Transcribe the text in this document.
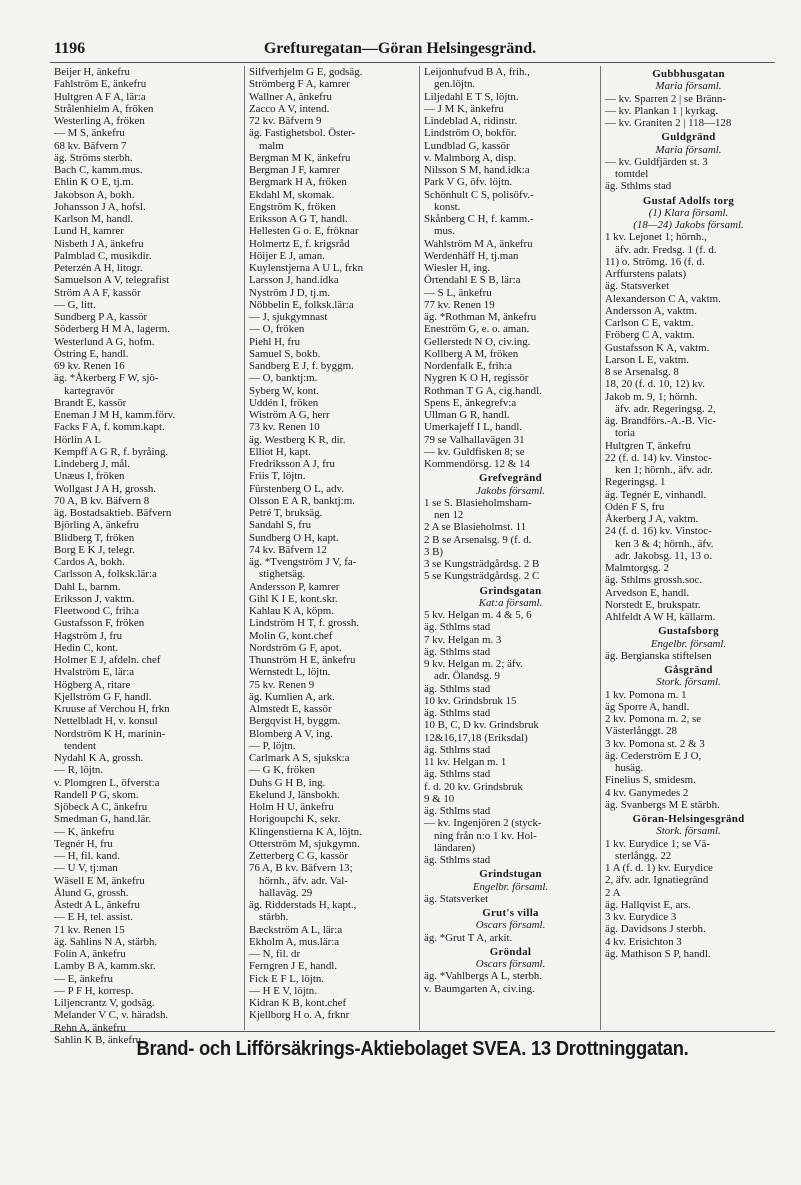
1196	Grefturegatan—Göran Helsingesgränd.
Beijer H, änkefru
Fahlström E, änkefru
Hultgren A F A, lär:a
Strålenhielm A, fröken
Westerling A, fröken
— M S, änkefru
68 kv. Bäfvern 7
äg. Ströms sterbh.
Bach C, kamm.mus.
Ehlin K O E, tj.m.
Jakobson A, bokh.
Johansson J A, hofsl.
Karlson M, handl.
Lund H, kamrer
Nisbeth J A, änkefru
Palmblad C, musikdir.
Peterzén A H, litogr.
Samuelson A V, telegrafist
Ström A A F, kassör
— G, litt.
Sundberg P A, kassör
Söderberg H M A, lagerm.
Westerlund A G, hofm.
Östring E, handl.
69 kv. Renen 16
äg. *Åkerberg F W, sjö-
kartegravör
Brandt E, kassör
Eneman J M H, kamm.förv.
Facks F A, f. komm.kapt.
Hörlin A L
Kempff A G R, f. byråing.
Lindeberg J, mål.
Unæus I, fröken
Wollgast J A H, grossh.
70 A, B kv. Bäfvern 8
äg. Bostadsaktieb. Bäfvern
Björling A, änkefru
Blidberg T, fröken
Borg E K J, telegr.
Cardos A, bokh.
Carlsson A, folksk.lär:a
Dahl L, barnm.
Eriksson J, vaktm.
Fleetwood C, frih:a
Gustafsson F, fröken
Hagström J, fru
Hedin C, kont.
Holmer E J, afdeln. chef
Hvalström E, lär:a
Högberg A, ritare
Kjellström G F, handl.
Kruuse af Verchou H, frkn
Nettelbladt H, v. konsul
Nordström K H, marinin-
tendent
Nydahl K A, grossh.
— R, löjtn.
v. Plomgren L, öfverst:a
Randell P G, skom.
Sjöbeck A C, änkefru
Smedman G, hand.lär.
— K, änkefru
Tegnér H, fru
— H, fil. kand.
— U V, tj:man
Wäsell E M, änkefru
Ålund G, grossh.
Åstedt A L, änkefru
— E H, tel. assist.
71 kv. Renen 15
äg. Sahlins N A, stärbh.
Folin A, änkefru
Lamby B A, kamm.skr.
— E, änkefru
— P F H, korresp.
Liljencrantz V, godsäg.
Melander V C, v. häradsh.
Rehn A, änkefru
Sahlin K B, änkefru
Silfverhjelm G E, godsäg.
Strömberg F A, kamrer
Wallner A, änkefru
Zacco A V, intend.
72 kv. Bäfvern 9
äg. Fastighetsbol. Öster-
malm
Bergman M K, änkefru
Bergman J F, kamrer
Bergmark H A, fröken
Ekdahl M, skomak.
Engström K, fröken
Eriksson A G T, handl.
Hellesten G o. E, fröknar
Holmertz E, f. krigsråd
Höijer E J, aman.
Kuylenstjerna A U L, frkn
Larsson J, hand.idka
Nyström J D, tj.m.
Nöbbelin E, folksk.lär:a
— J, sjukgymnast
— O, fröken
Piehl H, fru
Samuel S, bokb.
Sandberg E J, f. byggm.
— O, banktj:m.
Syberg W, kont.
Uddén I, fröken
Wiström A G, herr
73 kv. Renen 10
äg. Westberg K R, dir.
Elliot H, kapt.
Fredriksson A J, fru
Friis T, löjtn.
Fürstenberg O L, adv.
Olsson E A R, banktj:m.
Petré T, bruksäg.
Sandahl S, fru
Sundberg O H, kapt.
74 kv. Bäfvern 12
äg. *Tvengström J V, fa-
stighetsäg.
Andersson P, kamrer
Gihl K I E, kont.skr.
Kahlau K A, köpm.
Lindström H T, f. grossh.
Molin G, kont.chef
Nordström G F, apot.
Thunström H E, änkefru
Wernstedt L, löjtn.
75 kv. Renen 9
äg. Kumlien A, ark.
Almstedt E, kassör
Bergqvist H, byggm.
Blomberg A V, ing.
— P, löjtn.
Carlmark A S, sjuksk:a
— G K, fröken
Duhs G H B, ing.
Ekelund J, länsbokh.
Holm H U, änkefru
Horigoupchi K, sekr.
Klingenstierna K A, löjtn.
Otterström M, sjukgymn.
Zetterberg C G, kassör
76 A, B kv. Bäfvern 13;
hörnh., äfv. adr. Val-
hallaväg. 29
äg. Ridderstads H, kapt.,
stärbh.
Bæckström A L, lär:a
Ekholm A, mus.lär:a
— N, fil. dr
Ferngren J E, handl.
Fick E F L, löjtn.
— H E V, löjtn.
Kidran K B, kont.chef
Kjellborg H o. A, frknr
Leijonhufvud B A, frih.,
gen.löjtn.
Liljedahl E T S, löjtn.
— J M K, änkefru
Lindeblad A, ridinstr.
Lindström O, bokför.
Lundblad G, kassör
v. Malmborg A, disp.
Nilsson S M, hand.idk:a
Park V G, öfv. löjtn.
Schönhult C S, polisöfv.-
konst.
Skånberg C H, f. kamm.-
mus.
Wahlström M A, änkefru
Werdenhäff H, tj.man
Wiesler H, ing.
Örtendahl E S B, lär:a
— S L, änkefru
77 kv. Renen 19
äg. *Rothman M, änkefru
Eneström G, e. o. aman.
Gellerstedt N O, civ.ing.
Kollberg A M, fröken
Nordenfalk E, frih:a
Nygren K O H, regissör
Rothman T G A, cig.handl.
Spens E, änkegrefv:a
Ullman G R, handl.
Umerkajeff I L, handl.
79 se Valhallavägen 31
— kv. Guldfisken 8; se
Kommendörsg. 12 & 14
Grefvegränd
Jakobs församl.
1 se S. Blasieholmsham-
nen 12
2 A se Blasieholmst. 11
2 B se Arsenalsg. 9 (f. d.
3 B)
3 se Kungsträdgårdsg. 2 B
5 se Kungsträdgårdsg. 2 C
Grindsgatan
Kat:a församl.
5 kv. Helgan m. 4 & 5, 6
äg. Sthlms stad
7 kv. Helgan m. 3
äg. Sthlms stad
9 kv. Helgan m. 2; äfv.
adr. Ölandsg. 9
äg. Sthlms stad
10 kv. Grindsbruk 15
äg. Sthlms stad
10 B, C, D kv. Grindsbruk
12&16,17,18 (Eriksdal)
äg. Sthlms stad
11 kv. Helgan m. 1
äg. Sthlms stad
f. d. 20 kv. Grindsbruk
9 & 10
äg. Sthlms stad
— kv. Ingenjören 2 (styck-
ning från n:o 1 kv. Hol-
ländaren)
äg. Sthlms stad
Grindstugan
Engelbr. församl.
äg. Statsverket
Grut's villa
Oscars församl.
äg. *Grut T A, arkit.
Gröndal
Oscars församl.
äg. *Vahlbergs A L, sterbh.
v. Baumgarten A, civ.ing.
Gubbhusgatan
Maria församl.
— kv. Sparren 2 | se Bränn-
— kv. Plankan 1 | kyrkag.
— kv. Graniten 2 | 118—128
Guldgränd
Maria församl.
— kv. Guldfjärden st. 3
tomtdel
äg. Sthlms stad
Gustaf Adolfs torg
(1) Klara församl.
(18—24) Jakobs församl.
1 kv. Lejonet 1; hörnh.,
äfv. adr. Fredsg. 1 (f. d.
11) o. Strömg. 16 (f. d.
Arffurstens palats)
äg. Statsverket
Alexanderson C A, vaktm.
Andersson A, vaktm.
Carlson C E, vaktm.
Fröberg C A, vaktm.
Gustafsson K A, vaktm.
Larson L E, vaktm.
8 se Arsenalsg. 8
18, 20 (f. d. 10, 12) kv.
Jakob m. 9, 1; hörnh.
äfv. adr. Regeringsg. 2,
äg. Brandförs.-A.-B. Vic-
toria
Hultgren T, änkefru
22 (f. d. 14) kv. Vinstoc-
ken 1; hörnh., äfv. adr.
Regeringsg. 1
äg. Tegnér E, vinhandl.
Odén F S, fru
Åkerberg J A, vaktm.
24 (f. d. 16) kv. Vinstoc-
ken 3 & 4; hörnh., äfv.
adr. Jakobsg. 11, 13 o.
Malmtorgsg. 2
äg. Sthlms grossh.soc.
Arvedson E, handl.
Norstedt E, brukspatr.
Ahlfeldt A W H, källarm.
Gustafsborg
Engelbr. församl.
äg. Bergianska stiftelsen
Gåsgränd
Stork. församl.
1 kv. Pomona m. 1
äg Sporre A, handl.
2 kv. Pomona m. 2, se
Västerlånggt. 28
3 kv. Pomona st. 2 & 3
äg. Cederström E J O,
husäg.
Finelius S, smidesm.
4 kv. Ganymedes 2
äg. Svanbergs M E stärbh.
Göran-Helsingesgränd
Stork. församl.
1 kv. Eurydice 1; se Vä-
sterlångg. 22
1 A (f. d. 1) kv. Eurydice
2, äfv. adr. Ignatiegränd
2 A
äg. Hallqvist E, ars.
3 kv. Eurydice 3
äg. Davidsons J sterbh.
4 kv. Erisichton 3
äg. Mathison S P, handl.
Brand- och Lifförsäkrings-Aktiebolaget SVEA. 13 Drottninggatan.
